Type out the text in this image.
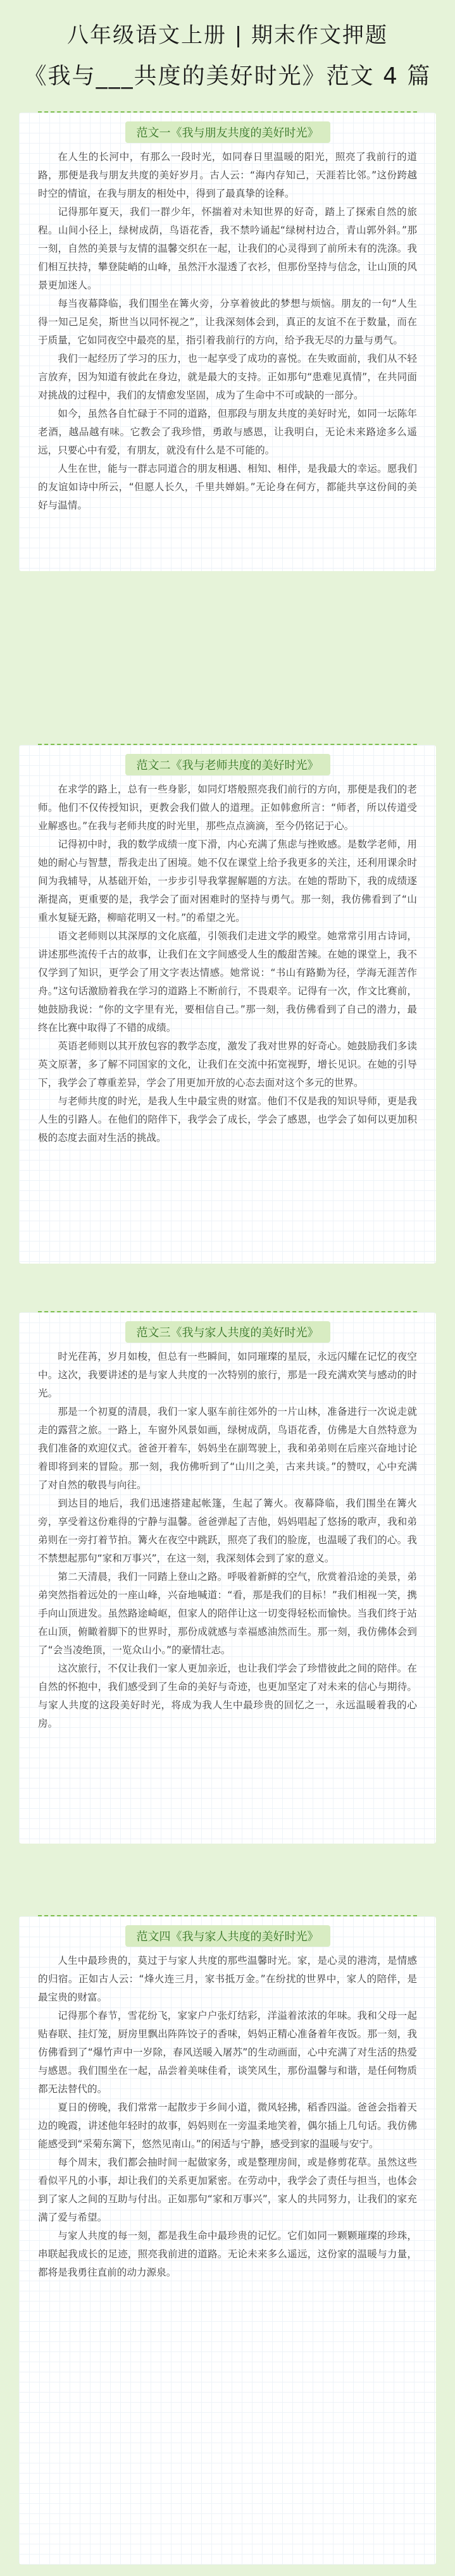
八年级语文上册 | 期末作文押题
《我与___共度的美好时光》范文 4 篇
范文一《我与朋友共度的美好时光》

在人生的长河中，有那么一段时光，如同春日里温暖的阳光，照亮了我前行的道路，那便是我与朋友共度的美好岁月。古人云：“海内存知己，天涯若比邻。”这份跨越时空的情谊，在我与朋友的相处中，得到了最真挚的诠释。

记得那年夏天，我们一群少年，怀揣着对未知世界的好奇，踏上了探索自然的旅程。山间小径上，绿树成荫，鸟语花香，我不禁吟诵起“绿树村边合，青山郭外斜。”那一刻，自然的美景与友情的温馨交织在一起，让我们的心灵得到了前所未有的洗涤。我们相互扶持，攀登陡峭的山峰，虽然汗水湿透了衣衫，但那份坚持与信念，让山顶的风景更加迷人。

每当夜幕降临，我们围坐在篝火旁，分享着彼此的梦想与烦恼。朋友的一句“人生得一知己足矣，斯世当以同怀视之”，让我深刻体会到，真正的友谊不在于数量，而在于质量，它如同夜空中最亮的星，指引着我前行的方向，给予我无尽的力量与勇气。

我们一起经历了学习的压力，也一起享受了成功的喜悦。在失败面前，我们从不轻言放弃，因为知道有彼此在身边，就是最大的支持。正如那句“患难见真情”，在共同面对挑战的过程中，我们的友情愈发坚固，成为了生命中不可或缺的一部分。

如今，虽然各自忙碌于不同的道路，但那段与朋友共度的美好时光，如同一坛陈年老酒，越品越有味。它教会了我珍惜，勇敢与感恩，让我明白，无论未来路途多么遥远，只要心中有爱，有朋友，就没有什么是不可能的。

人生在世，能与一群志同道合的朋友相遇、相知、相伴，是我最大的幸运。愿我们的友谊如诗中所云，“但愿人长久，千里共婵娟。”无论身在何方，都能共享这份间的美好与温情。

范文二《我与老师共度的美好时光》

在求学的路上，总有一些身影，如同灯塔般照亮我们前行的方向，那便是我们的老师。他们不仅传授知识，更教会我们做人的道理。正如韩愈所言：“师者，所以传道受业解惑也。”在我与老师共度的时光里，那些点点滴滴，至今仍铭记于心。

记得初中时，我的数学成绩一度下滑，内心充满了焦虑与挫败感。是数学老师，用她的耐心与智慧，帮我走出了困境。她不仅在课堂上给予我更多的关注，还利用课余时间为我辅导，从基础开始，一步步引导我掌握解题的方法。在她的帮助下，我的成绩逐渐提高，更重要的是，我学会了面对困难时的坚持与勇气。那一刻，我仿佛看到了“山重水复疑无路，柳暗花明又一村。”的希望之光。

语文老师则以其深厚的文化底蕴，引领我们走进文学的殿堂。她常常引用古诗词，讲述那些流传千古的故事，让我们在文字间感受人生的酸甜苦辣。在她的课堂上，我不仅学到了知识，更学会了用文字表达情感。她常说：“书山有路勤为径，学海无涯苦作舟。”这句话激励着我在学习的道路上不断前行，不畏艰辛。记得有一次，作文比赛前，她鼓励我说：“你的文字里有光，要相信自己。”那一刻，我仿佛看到了自己的潜力，最终在比赛中取得了不错的成绩。

英语老师则以其开放包容的教学态度，激发了我对世界的好奇心。她鼓励我们多读英文原著，多了解不同国家的文化，让我们在交流中拓宽视野，增长见识。在她的引导下，我学会了尊重差异，学会了用更加开放的心态去面对这个多元的世界。

与老师共度的时光，是我人生中最宝贵的财富。他们不仅是我的知识导师，更是我人生的引路人。在他们的陪伴下，我学会了成长，学会了感恩，也学会了如何以更加积极的态度去面对生活的挑战。

范文三《我与家人共度的美好时光》

时光荏苒，岁月如梭，但总有一些瞬间，如同璀璨的星辰，永远闪耀在记忆的夜空中。这次，我要讲述的是与家人共度的一次特别的旅行，那是一段充满欢笑与感动的时光。

那是一个初夏的清晨，我们一家人驱车前往郊外的一片山林，准备进行一次说走就走的露营之旅。一路上，车窗外风景如画，绿树成荫，鸟语花香，仿佛是大自然特意为我们准备的欢迎仪式。爸爸开着车，妈妈坐在副驾驶上，我和弟弟则在后座兴奋地讨论着即将到来的冒险。那一刻，我仿佛听到了“山川之美，古来共谈。”的赞叹，心中充满了对自然的敬畏与向往。

到达目的地后，我们迅速搭建起帐篷，生起了篝火。夜幕降临，我们围坐在篝火旁，享受着这份难得的宁静与温馨。爸爸弹起了吉他，妈妈唱起了悠扬的歌声，我和弟弟则在一旁打着节拍。篝火在夜空中跳跃，照亮了我们的脸庞，也温暖了我们的心。我不禁想起那句“家和万事兴”，在这一刻，我深刻体会到了家的意义。

第二天清晨，我们一同踏上登山之路。呼吸着新鲜的空气，欣赏着沿途的美景，弟弟突然指着远处的一座山峰，兴奋地喊道：“看，那是我们的目标！”我们相视一笑，携手向山顶进发。虽然路途崎岖，但家人的陪伴让这一切变得轻松而愉快。当我们终于站在山顶，俯瞰着脚下的世界时，那份成就感与幸福感油然而生。那一刻，我仿佛体会到了“会当凌绝顶，一览众山小。”的豪情壮志。

这次旅行，不仅让我们一家人更加亲近，也让我们学会了珍惜彼此之间的陪伴。在自然的怀抱中，我们感受到了生命的美好与奇迹，也更加坚定了对未来的信心与期待。与家人共度的这段美好时光，将成为我人生中最珍贵的回忆之一，永远温暖着我的心房。

范文四《我与家人共度的美好时光》

人生中最珍贵的，莫过于与家人共度的那些温馨时光。家，是心灵的港湾，是情感的归宿。正如古人云：“烽火连三月，家书抵万金。”在纷扰的世界中，家人的陪伴，是最宝贵的财富。

记得那个春节，雪花纷飞，家家户户张灯结彩，洋溢着浓浓的年味。我和父母一起贴春联、挂灯笼，厨房里飘出阵阵饺子的香味，妈妈正精心准备着年夜饭。那一刻，我仿佛看到了“爆竹声中一岁除，春风送暖入屠苏”的生动画面，心中充满了对生活的热爱与感恩。我们围坐在一起，品尝着美味佳肴，谈笑风生，那份温馨与和谐，是任何物质都无法替代的。

夏日的傍晚，我们常常一起散步于乡间小道，微风轻拂，稻香四溢。爸爸会指着天边的晚霞，讲述他年轻时的故事，妈妈则在一旁温柔地笑着，偶尔插上几句话。我仿佛能感受到“采菊东篱下，悠然见南山。”的闲适与宁静，感受到家的温暖与安宁。

每个周末，我们都会抽时间一起做家务，或是整理房间，或是修剪花草。虽然这些看似平凡的小事，却让我们的关系更加紧密。在劳动中，我学会了责任与担当，也体会到了家人之间的互助与付出。正如那句“家和万事兴”，家人的共同努力，让我们的家充满了爱与希望。

与家人共度的每一刻，都是我生命中最珍贵的记忆。它们如同一颗颗璀璨的珍珠，串联起我成长的足迹，照亮我前进的道路。无论未来多么遥远，这份家的温暖与力量，都将是我勇往直前的动力源泉。
